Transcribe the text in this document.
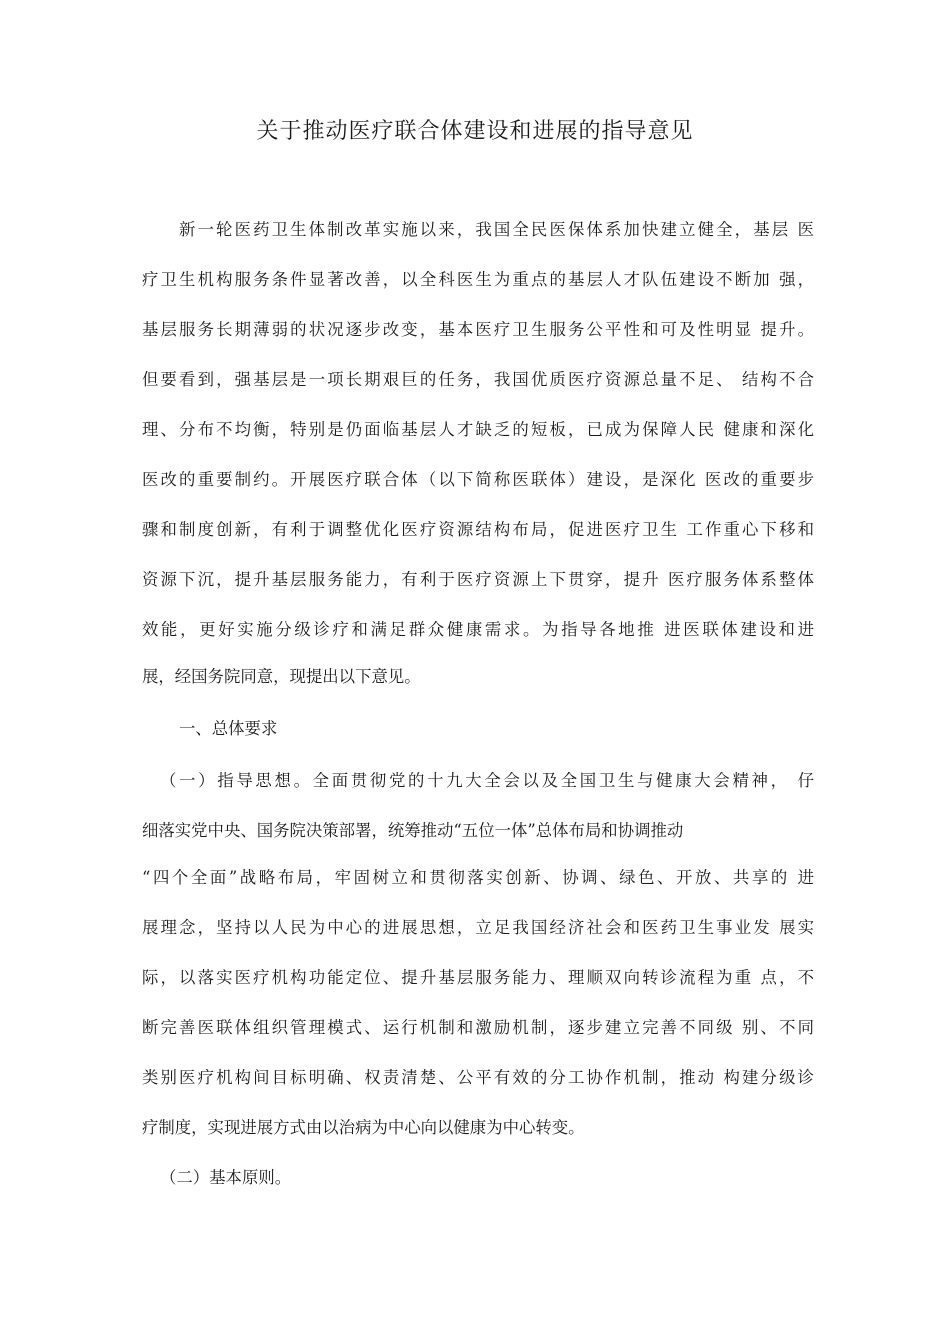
关于推动医疗联合体建设和进展的指导意见
新一轮医药卫生体制改革实施以来，我国全民医保体系加快建立健全，基层 医
疗卫生机构服务条件显著改善，以全科医生为重点的基层人才队伍建设不断加 强，
基层服务长期薄弱的状况逐步改变，基本医疗卫生服务公平性和可及性明显 提升。
但要看到，强基层是一项长期艰巨的任务，我国优质医疗资源总量不足、 结构不合
理、分布不均衡，特别是仍面临基层人才缺乏的短板，已成为保障人民 健康和深化
医改的重要制约。开展医疗联合体（以下简称医联体）建设，是深化 医改的重要步
骤和制度创新，有利于调整优化医疗资源结构布局，促进医疗卫生 工作重心下移和
资源下沉，提升基层服务能力，有利于医疗资源上下贯穿，提升 医疗服务体系整体
效能，更好实施分级诊疗和满足群众健康需求。为指导各地推 进医联体建设和进
展，经国务院同意，现提出以下意见。
一、总体要求
（一）指导思想。全面贯彻党的十九大全会以及全国卫生与健康大会精神， 仔
细落实党中央、国务院决策部署，统筹推动“五位一体”总体布局和协调推动
“四个全面”战略布局，牢固树立和贯彻落实创新、协调、绿色、开放、共享的 进
展理念，坚持以人民为中心的进展思想，立足我国经济社会和医药卫生事业发 展实
际，以落实医疗机构功能定位、提升基层服务能力、理顺双向转诊流程为重 点，不
断完善医联体组织管理模式、运行机制和激励机制，逐步建立完善不同级 别、不同
类别医疗机构间目标明确、权责清楚、公平有效的分工协作机制，推动 构建分级诊
疗制度，实现进展方式由以治病为中心向以健康为中心转变。
（二）基本原则。
